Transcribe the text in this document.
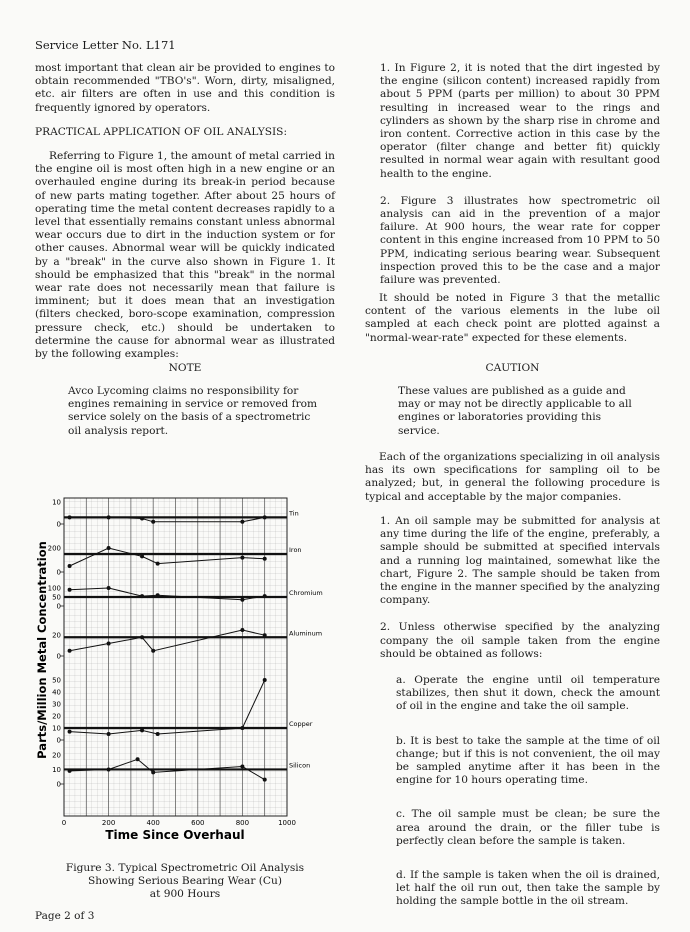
Service Letter No. L171

most important that clean air be provided to engines to obtain recommended "TBO's". Worn, dirty, misaligned, etc. air filters are often in use and this condition is frequently ignored by operators.

PRACTICAL APPLICATION OF OIL ANALYSIS:

Referring to Figure 1, the amount of metal carried in the engine oil is most often high in a new engine or an overhauled engine during its break-in period because of new parts mating together. After about 25 hours of operating time the metal content decreases rapidly to a level that essentially remains constant unless abnormal wear occurs due to dirt in the induction system or for other causes. Abnormal wear will be quickly indicated by a "break" in the curve also shown in Figure 1. It should be emphasized that this "break" in the normal wear rate does not necessarily mean that failure is imminent; but it does mean that an investigation (filters checked, boro-scope examination, compression pressure check, etc.) should be undertaken to determine the cause for abnormal wear as illustrated by the following examples:

NOTE
Avco Lycoming claims no responsibility for engines remaining in service or removed from service solely on the basis of a spectrometric oil analysis report.
10
0
Tin
200
0
Iron
100
50
0
Chromium
20
0
Aluminum
50
40
30
20
10
0
Copper
20
10
0
Silicon
0	200	400	600	800	1000
Parts/Million Metal Concentration
Time Since Overhaul
Figure 3. Typical Spectrometric Oil Analysis
Showing Serious Bearing Wear (Cu)
at 900 Hours

1. In Figure 2, it is noted that the dirt ingested by the engine (silicon content) increased rapidly from about 5 PPM (parts per million) to about 30 PPM resulting in increased wear to the rings and cylinders as shown by the sharp rise in chrome and iron content. Corrective action in this case by the operator (filter change and better fit) quickly resulted in normal wear again with resultant good health to the engine.

2. Figure 3 illustrates how spectrometric oil analysis can aid in the prevention of a major failure. At 900 hours, the wear rate for copper content in this engine increased from 10 PPM to 50 PPM, indicating serious bearing wear. Subsequent inspection proved this to be the case and a major failure was prevented.

It should be noted in Figure 3 that the metallic content of the various elements in the lube oil sampled at each check point are plotted against a "normal-wear-rate" expected for these elements.

CAUTION
These values are published as a guide and may or may not be directly applicable to all engines or laboratories providing this service.

Each of the organizations specializing in oil analysis has its own specifications for sampling oil to be analyzed; but, in general the following procedure is typical and acceptable by the major companies.

1. An oil sample may be submitted for analysis at any time during the life of the engine, preferably, a sample should be submitted at specified intervals and a running log maintained, somewhat like the chart, Figure 2. The sample should be taken from the engine in the manner specified by the analyzing company.

2. Unless otherwise specified by the analyzing company the oil sample taken from the engine should be obtained as follows:

a. Operate the engine until oil temperature stabilizes, then shut it down, check the amount of oil in the engine and take the oil sample.

b. It is best to take the sample at the time of oil change; but if this is not convenient, the oil may be sampled anytime after it has been in the engine for 10 hours operating time.

c. The oil sample must be clean; be sure the area around the drain, or the filler tube is perfectly clean before the sample is taken.

d. If the sample is taken when the oil is drained, let half the oil run out, then take the sample by holding the sample bottle in the oil stream.

Page 2 of 3
